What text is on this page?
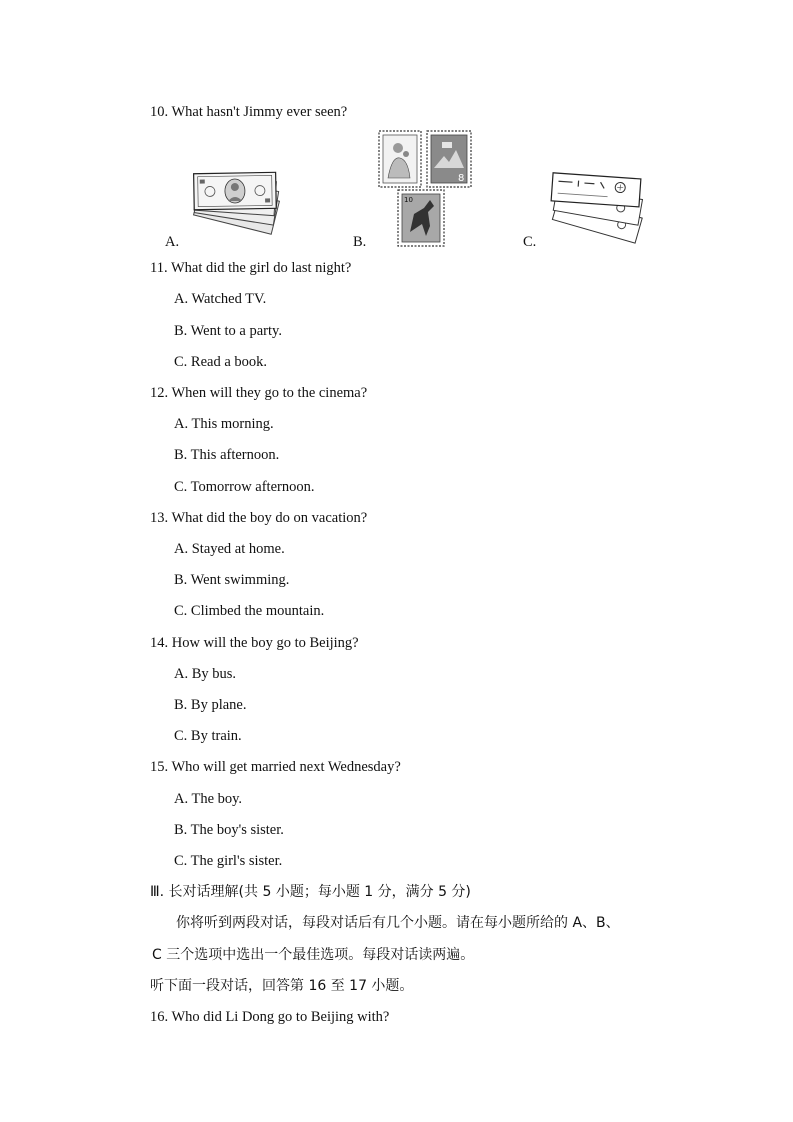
10. What hasn't Jimmy ever seen?
8
10
A.	B.	C.
11. What did the girl do last night?
A. Watched TV.
B. Went to a party.
C. Read a book.
12. When will they go to the cinema?
A. This morning.
B. This afternoon.
C. Tomorrow afternoon.
13. What did the boy do on vacation?
A. Stayed at home.
B. Went swimming.
C. Climbed the mountain.
14. How will the boy go to Beijing?
A. By bus.
B. By plane.
C. By train.
15. Who will get married next Wednesday?
A. The boy.
B. The boy's sister.
C. The girl's sister.
Ⅲ. 长对话理解(共 5 小题；每小题 1 分，满分 5 分)
你将听到两段对话，每段对话后有几个小题。请在每小题所给的 A、B、
C 三个选项中选出一个最佳选项。每段对话读两遍。
听下面一段对话，回答第 16 至 17 小题。
16. Who did Li Dong go to Beijing with?
